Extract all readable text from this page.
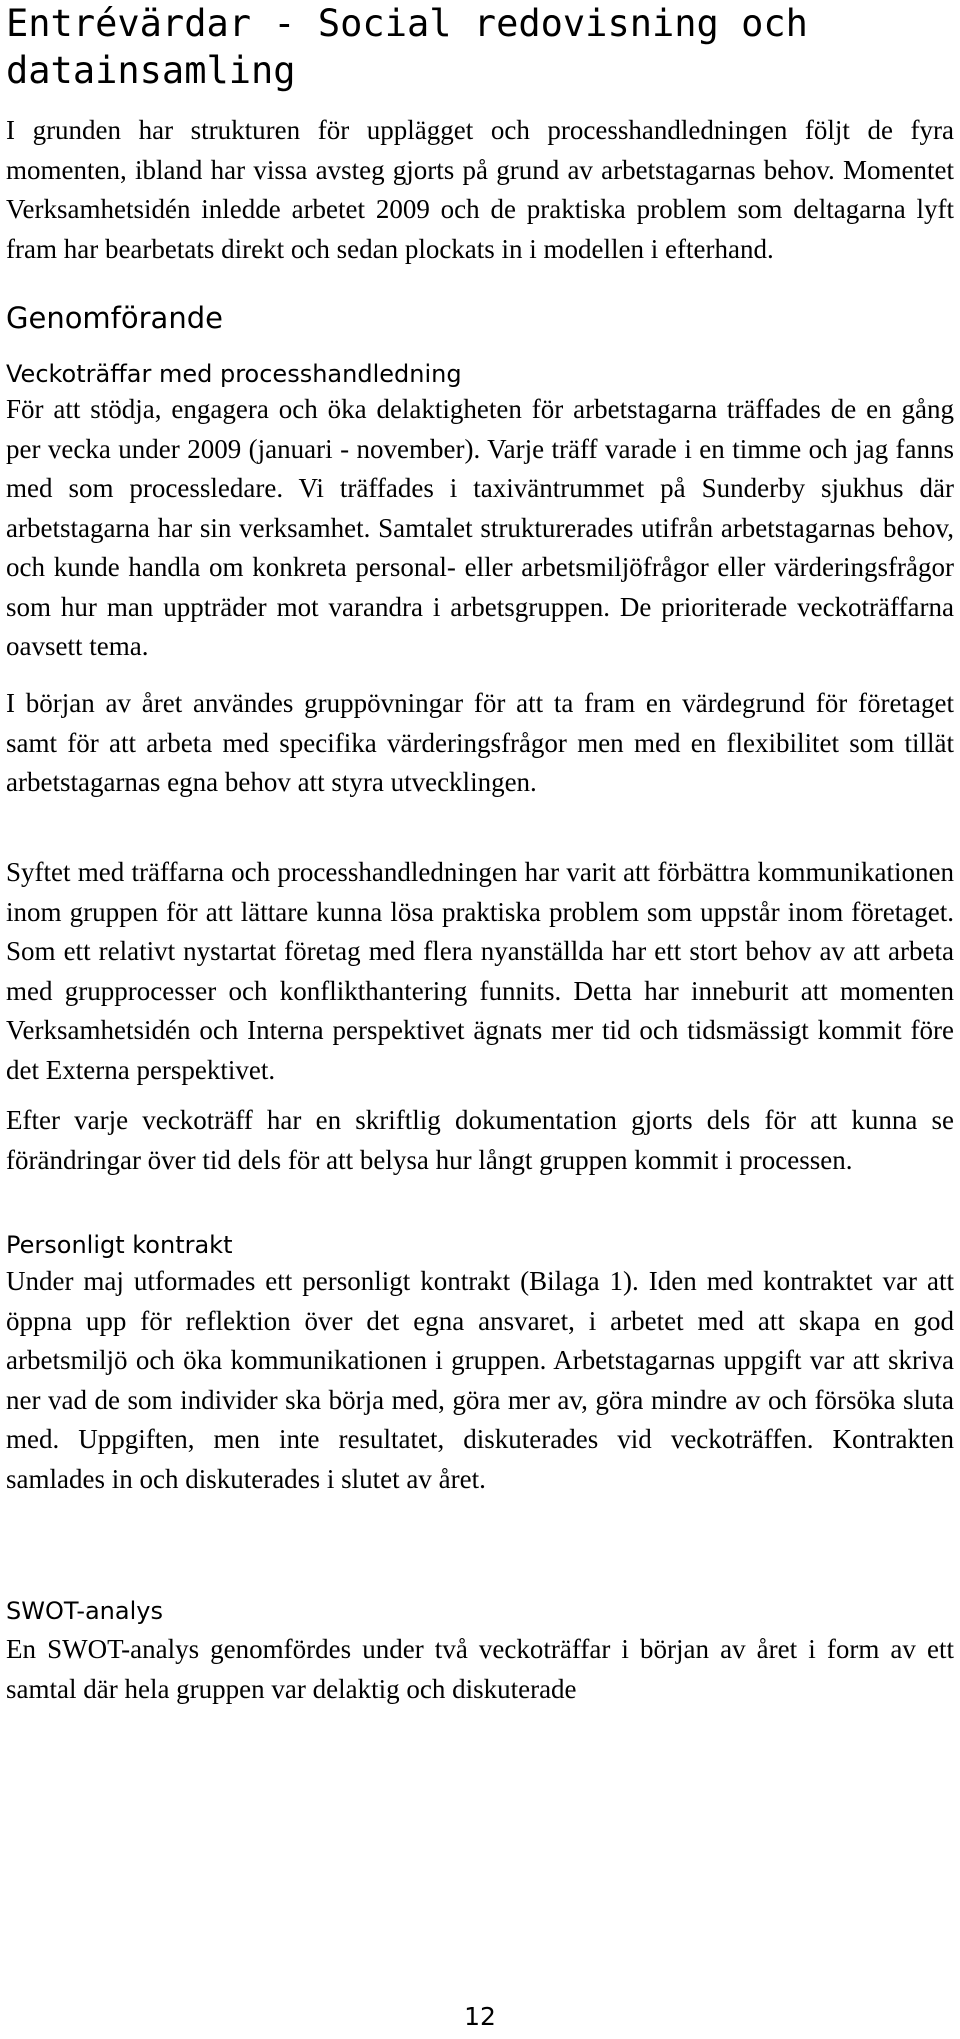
Entrévärdar - Social redovisning och datainsamling

I grunden har strukturen för upplägget och processhandledningen följt de fyra momenten, ibland har vissa avsteg gjorts på grund av arbetstagarnas behov. Momentet Verksamhetsidén inledde arbetet 2009 och de praktiska problem som deltagarna lyft fram har bearbetats direkt och sedan plockats in i modellen i efterhand.

Genomförande
Veckoträffar med processhandledning

För att stödja, engagera och öka delaktigheten för arbetstagarna träffades de en gång per vecka under 2009 (januari - november). Varje träff varade i en timme och jag fanns med som processledare. Vi träffades i taxiväntrummet på Sunderby sjukhus där arbetstagarna har sin verksamhet. Samtalet strukturerades utifrån arbetstagarnas behov, och kunde handla om konkreta personal- eller arbetsmiljöfrågor eller värderingsfrågor som hur man uppträder mot varandra i arbetsgruppen. De prioriterade veckoträffarna oavsett tema.

I början av året användes gruppövningar för att ta fram en värdegrund för företaget samt för att arbeta med specifika värderingsfrågor men med en flexibilitet som tillät arbetstagarnas egna behov att styra utvecklingen.

Syftet med träffarna och processhandledningen har varit att förbättra kommunikationen inom gruppen för att lättare kunna lösa praktiska problem som uppstår inom företaget. Som ett relativt nystartat företag med flera nyanställda har ett stort behov av att arbeta med grupprocesser och konflikthantering funnits. Detta har inneburit att momenten Verksamhetsidén och Interna perspektivet ägnats mer tid och tidsmässigt kommit före det Externa perspektivet.

Efter varje veckoträff har en skriftlig dokumentation gjorts dels för att kunna se förändringar över tid dels för att belysa hur långt gruppen kommit i processen.

Personligt kontrakt

Under maj utformades ett personligt kontrakt (Bilaga 1). Iden med kontraktet var att öppna upp för reflektion över det egna ansvaret, i arbetet med att skapa en god arbetsmiljö och öka kommunikationen i gruppen. Arbetstagarnas uppgift var att skriva ner vad de som individer ska börja med, göra mer av, göra mindre av och försöka sluta med. Uppgiften, men inte resultatet, diskuterades vid veckoträffen. Kontrakten samlades in och diskuterades i slutet av året.

SWOT-analys

En SWOT-analys genomfördes under två veckoträffar i början av året i form av ett samtal där hela gruppen var delaktig och diskuterade

12
